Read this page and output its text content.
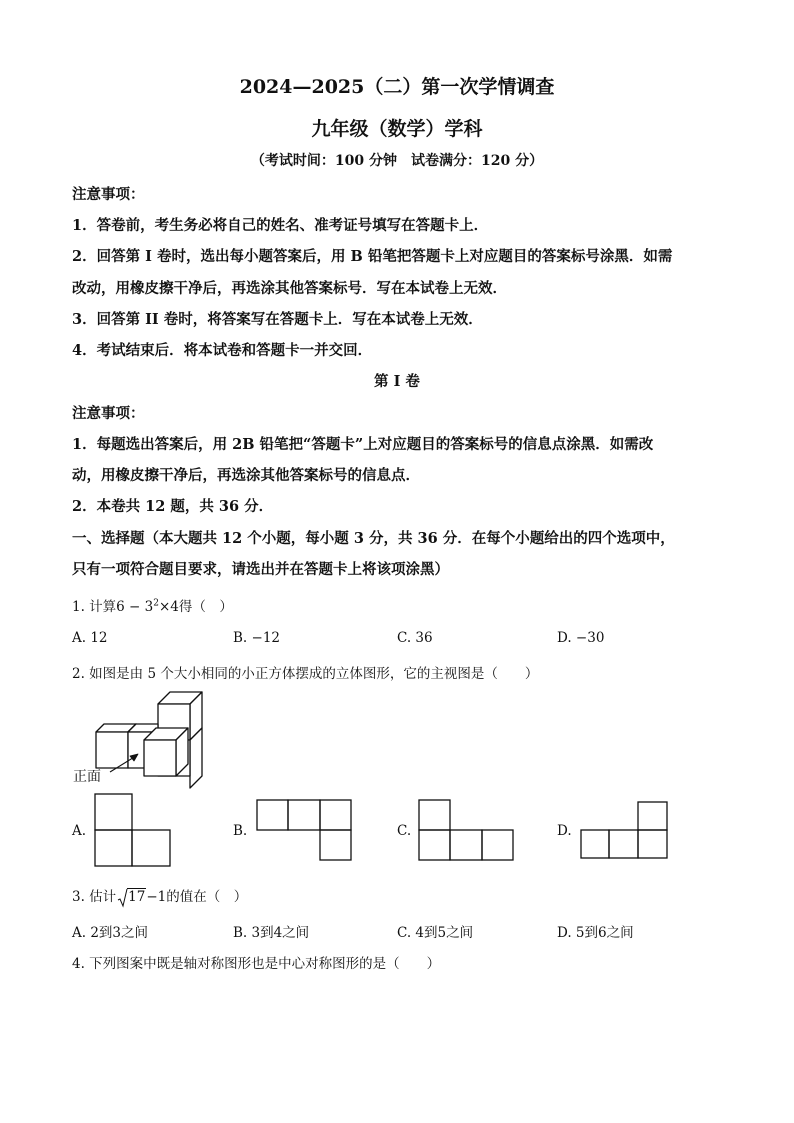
2024—2025（二）第一次学情调查
九年级（数学）学科
（考试时间：100 分钟　试卷满分：120 分）
注意事项：
1．答卷前，考生务必将自己的姓名、准考证号填写在答题卡上．
2．回答第 I 卷时，选出每小题答案后，用 B 铅笔把答题卡上对应题目的答案标号涂黑．如需
改动，用橡皮擦干净后，再选涂其他答案标号．写在本试卷上无效．
3．回答第 II 卷时，将答案写在答题卡上．写在本试卷上无效．
4．考试结束后．将本试卷和答题卡一并交回．
第 I 卷
注意事项：
1．每题选出答案后，用 2B 铅笔把“答题卡”上对应题目的答案标号的信息点涂黑．如需改
动，用橡皮擦干净后，再选涂其他答案标号的信息点．
2．本卷共 12 题，共 36 分．
一、选择题（本大题共 12 个小题，每小题 3 分，共 36 分．在每个小题给出的四个选项中，
只有一项符合题目要求，请选出并在答题卡上将该项涂黑）
1. 计算$6 - 3^2\times 4$得（　）
A. 12	B. −12	C. 36	D. −30
2. 如图是由 5 个大小相同的小正方体摆成的立体图形，它的主视图是（　　）
正面
A.	B.	C.	D.
3. 估计 17−1的值在（　）
A. 2到3之间	B. 3到4之间	C. 4到5之间	D. 5到6之间
4. 下列图案中既是轴对称图形也是中心对称图形的是（　　）
